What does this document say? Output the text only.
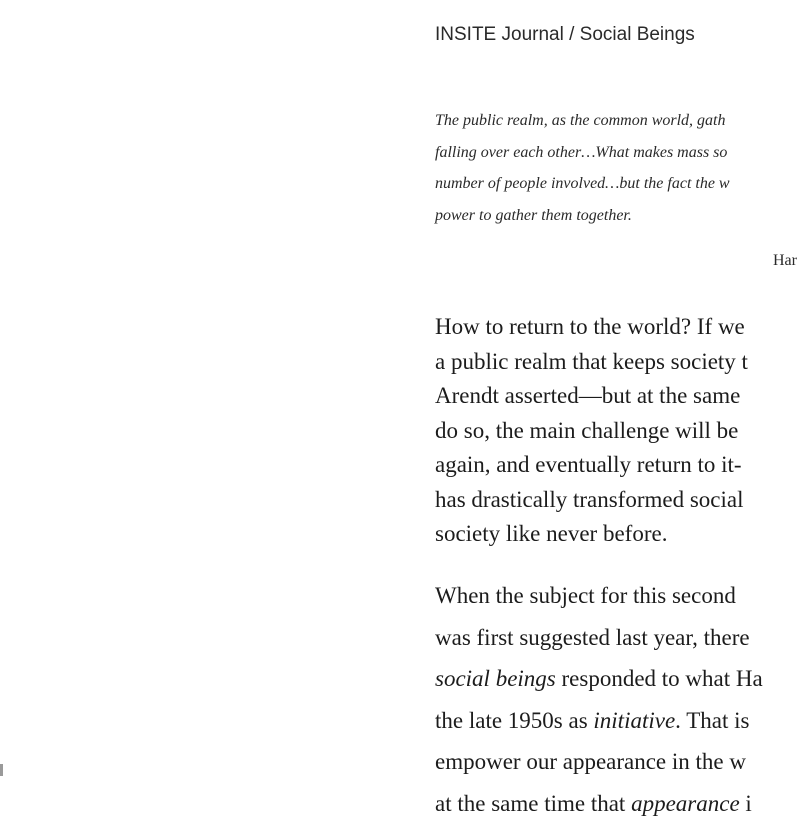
INSITE Journal / Social Beings
The public realm, as the common world, gath
falling over each other…What makes mass so
number of people involved…but the fact the w
power to gather them together.
Har
How to return to the world? If we
a public realm that keeps society t
Arendt asserted—but at the same
do so, the main challenge will be
again, and eventually return to it-
has drastically transformed social
society like never before.
When the subject for this second
was first suggested last year, there
social beings responded to what Ha
the late 1950s as initiative. That is
empower our appearance in the w
at the same time that appearance i
